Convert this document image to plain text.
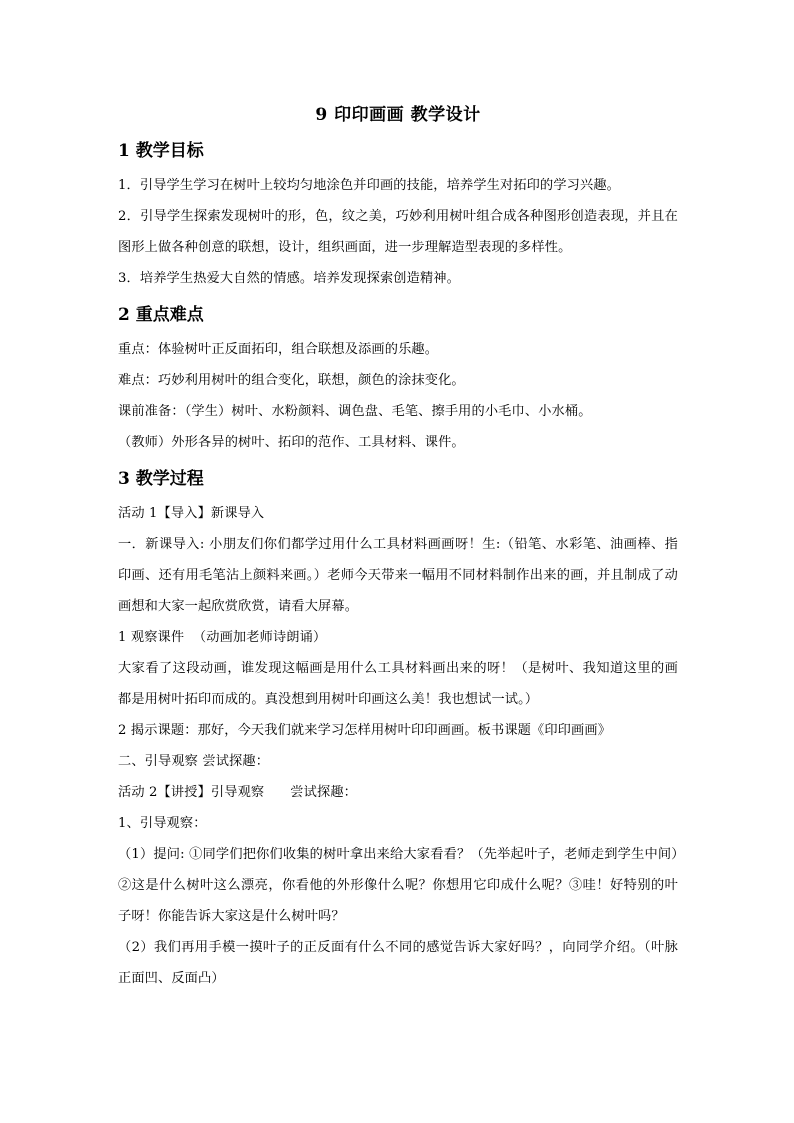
9 印印画画 教学设计
1 教学目标

1．引导学生学习在树叶上较均匀地涂色并印画的技能，培养学生对拓印的学习兴趣。

2．引导学生探索发现树叶的形，色，纹之美，巧妙利用树叶组合成各种图形创造表现，并且在图形上做各种创意的联想，设计，组织画面，进一步理解造型表现的多样性。

3．培养学生热爱大自然的情感。培养发现探索创造精神。

2 重点难点

重点：体验树叶正反面拓印，组合联想及添画的乐趣。

难点：巧妙利用树叶的组合变化，联想，颜色的涂抹变化。

课前准备：（学生）树叶、水粉颜料、调色盘、毛笔、擦手用的小毛巾、小水桶。

（教师）外形各异的树叶、拓印的范作、工具材料、课件。

3 教学过程

活动 1【导入】新课导入

一．新课导入: 小朋友们你们都学过用什么工具材料画画呀！生:（铅笔、水彩笔、油画棒、指印画、还有用毛笔沾上颜料来画。）老师今天带来一幅用不同材料制作出来的画，并且制成了动画想和大家一起欣赏欣赏，请看大屏幕。

1 观察课件  （动画加老师诗朗诵）

大家看了这段动画，谁发现这幅画是用什么工具材料画出来的呀！（是树叶、我知道这里的画都是用树叶拓印而成的。真没想到用树叶印画这么美！我也想试一试。）

2 揭示课题：那好，今天我们就来学习怎样用树叶印印画画。板书课题《印印画画》

二、引导观察 尝试探趣：

活动 2【讲授】引导观察      尝试探趣：

1、引导观察：

（1）提问: ①同学们把你们收集的树叶拿出来给大家看看？（先举起叶子，老师走到学生中间）②这是什么树叶这么漂亮，你看他的外形像什么呢？你想用它印成什么呢？③哇！好特别的叶子呀！你能告诉大家这是什么树叶吗？

（2）我们再用手模一摸叶子的正反面有什么不同的感觉告诉大家好吗？，向同学介绍。（叶脉正面凹、反面凸）
